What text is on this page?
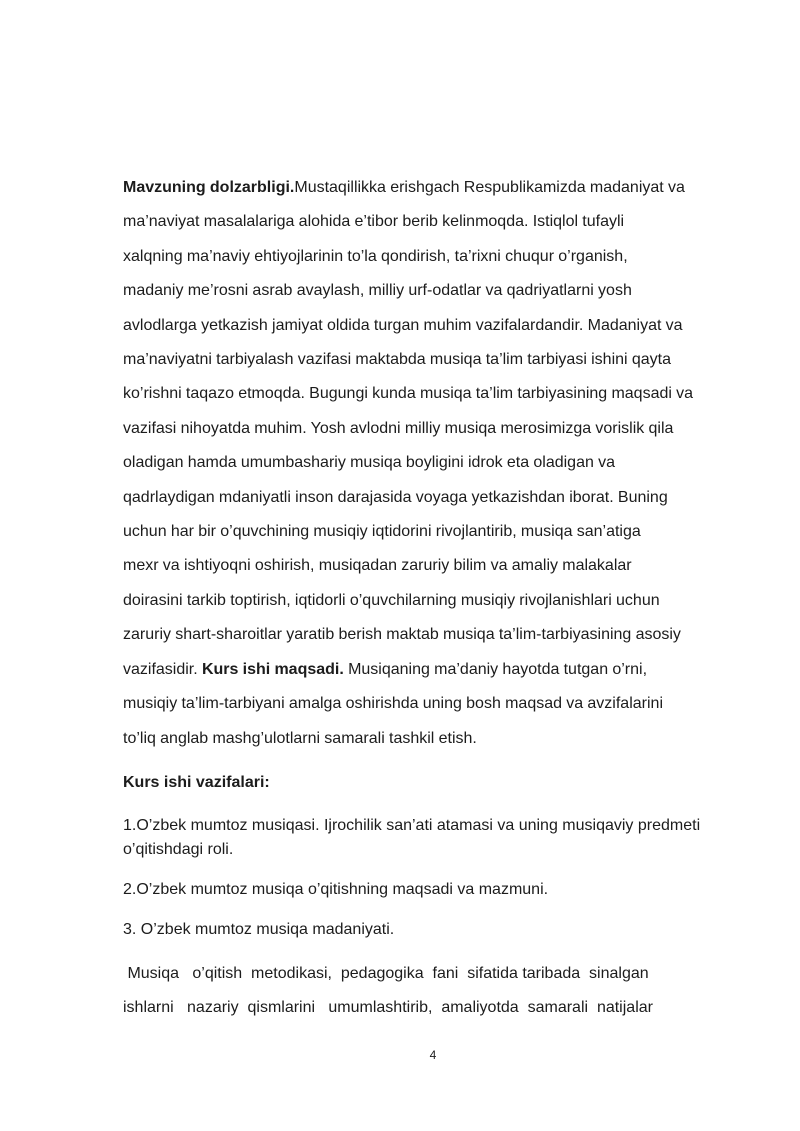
Mavzuning dolzarbligi.Mustaqillikka erishgach Respublikamizda madaniyat va
ma’naviyat masalalariga alohida e’tibor berib kelinmoqda. Istiqlol tufayli
xalqning ma’naviy ehtiyojlarinin to’la qondirish, ta’rixni chuqur o’rganish,
madaniy me’rosni asrab avaylash, milliy urf-odatlar va qadriyatlarni yosh
avlodlarga yetkazish jamiyat oldida turgan muhim vazifalardandir. Madaniyat va
ma’naviyatni tarbiyalash vazifasi maktabda musiqa ta’lim tarbiyasi ishini qayta
ko’rishni taqazo etmoqda. Bugungi kunda musiqa ta’lim tarbiyasining maqsadi va
vazifasi nihoyatda muhim. Yosh avlodni milliy musiqa merosimizga vorislik qila
oladigan hamda umumbashariy musiqa boyligini idrok eta oladigan va
qadrlaydigan mdaniyatli inson darajasida voyaga yetkazishdan iborat. Buning
uchun har bir o’quvchining musiqiy iqtidorini rivojlantirib, musiqa san’atiga
mexr va ishtiyoqni oshirish, musiqadan zaruriy bilim va amaliy malakalar
doirasini tarkib toptirish, iqtidorli o’quvchilarning musiqiy rivojlanishlari uchun
zaruriy shart-sharoitlar yaratib berish maktab musiqa ta’lim-tarbiyasining asosiy
vazifasidir. Kurs ishi maqsadi. Musiqaning ma’daniy hayotda tutgan o’rni,
musiqiy ta’lim-tarbiyani amalga oshirishda uning bosh maqsad va avzifalarini
to’liq anglab mashg’ulotlarni samarali tashkil etish.
Kurs ishi vazifalari:
1.O’zbek mumtoz musiqasi. Ijrochilik san’ati atamasi va uning musiqaviy predmeti o’qitishdagi roli.
2.O’zbek mumtoz musiqa o’qitishning maqsadi va mazmuni.
3. O’zbek mumtoz musiqa madaniyati.
Musiqa   o’qitish  metodikasi,  pedagogika  fani  sifatida taribada  sinalgan
ishlarni   nazariy  qismlarini   umumlashtirib,  amaliyotda  samarali  natijalar
4
